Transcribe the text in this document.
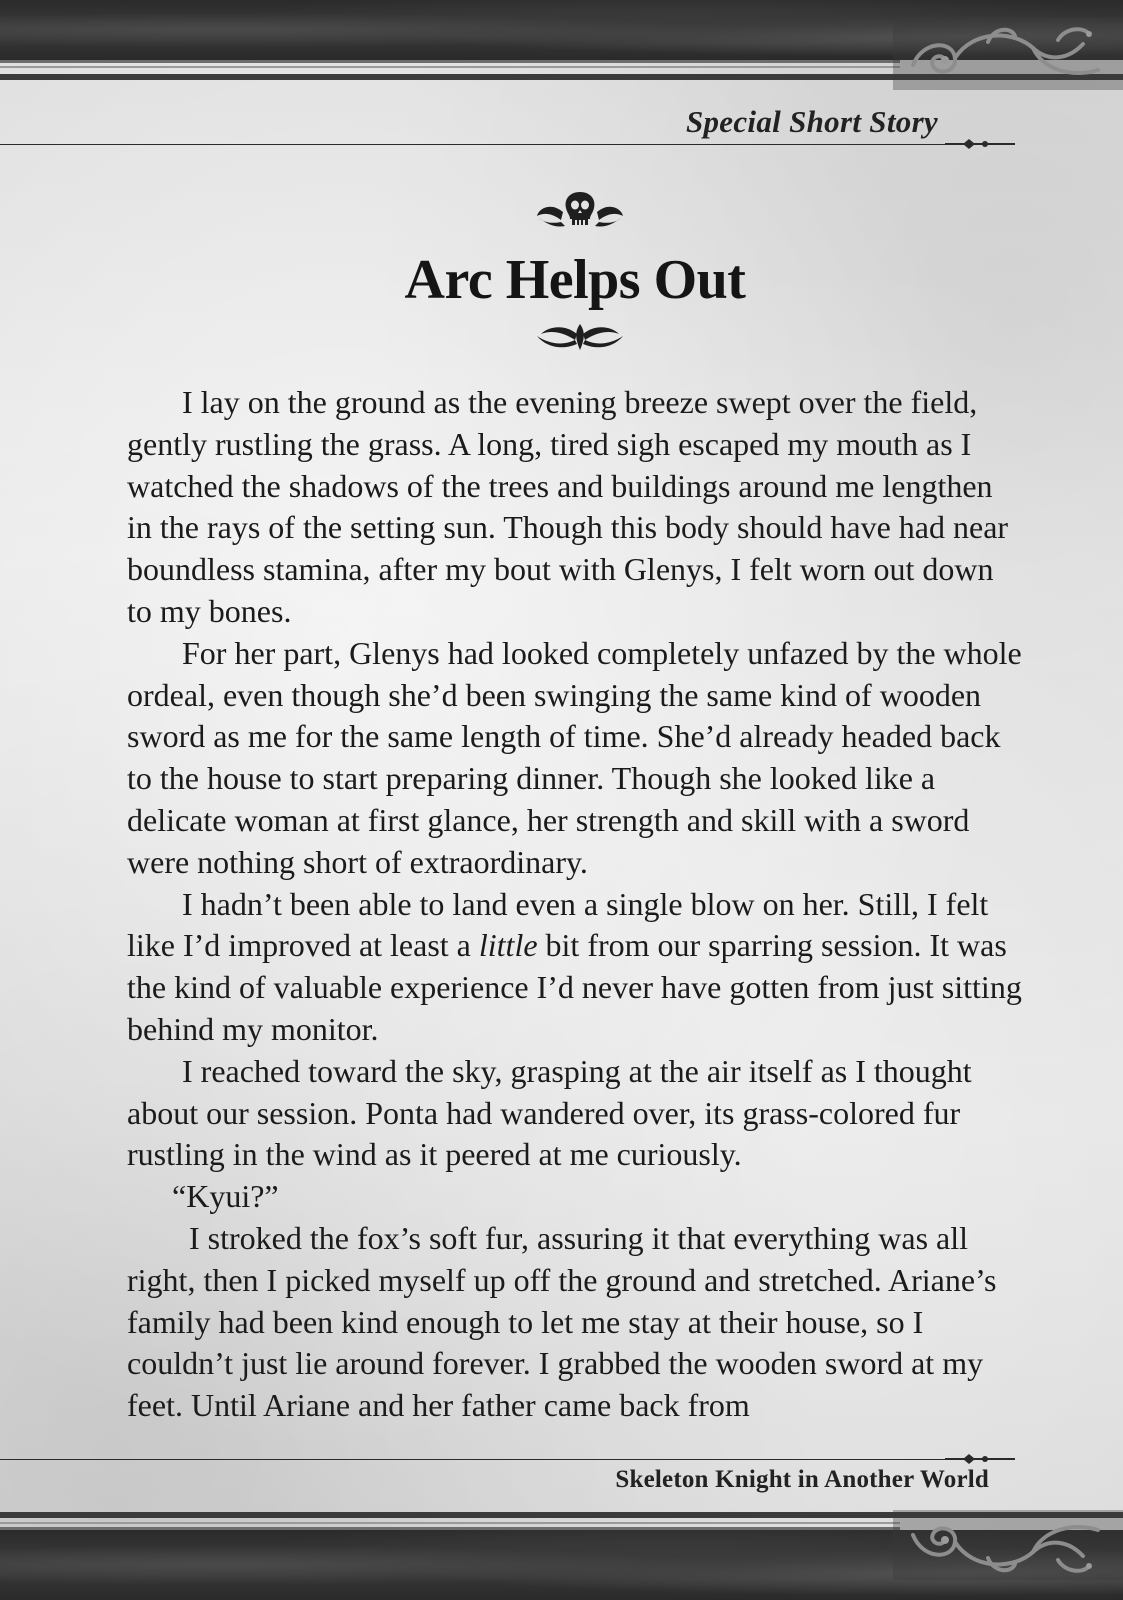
Special Short Story
Arc Helps Out

I lay on the ground as the evening breeze swept over the field, gently rustling the grass. A long, tired sigh escaped my mouth as I watched the shadows of the trees and buildings around me lengthen in the rays of the setting sun. Though this body should have had near boundless stamina, after my bout with Glenys, I felt worn out down to my bones.

For her part, Glenys had looked completely unfazed by the whole ordeal, even though she’d been swinging the same kind of wooden sword as me for the same length of time. She’d already headed back to the house to start preparing dinner. Though she looked like a delicate woman at first glance, her strength and skill with a sword were nothing short of extraordinary.

I hadn’t been able to land even a single blow on her. Still, I felt like I’d improved at least a little bit from our sparring session. It was the kind of valuable experience I’d never have gotten from just sitting behind my monitor.

I reached toward the sky, grasping at the air itself as I thought about our session. Ponta had wandered over, its grass-colored fur rustling in the wind as it peered at me curiously.

“Kyui?”

I stroked the fox’s soft fur, assuring it that everything was all right, then I picked myself up off the ground and stretched. Ariane’s family had been kind enough to let me stay at their house, so I couldn’t just lie around forever. I grabbed the wooden sword at my feet. Until Ariane and her father came back from

Skeleton Knight in Another World
